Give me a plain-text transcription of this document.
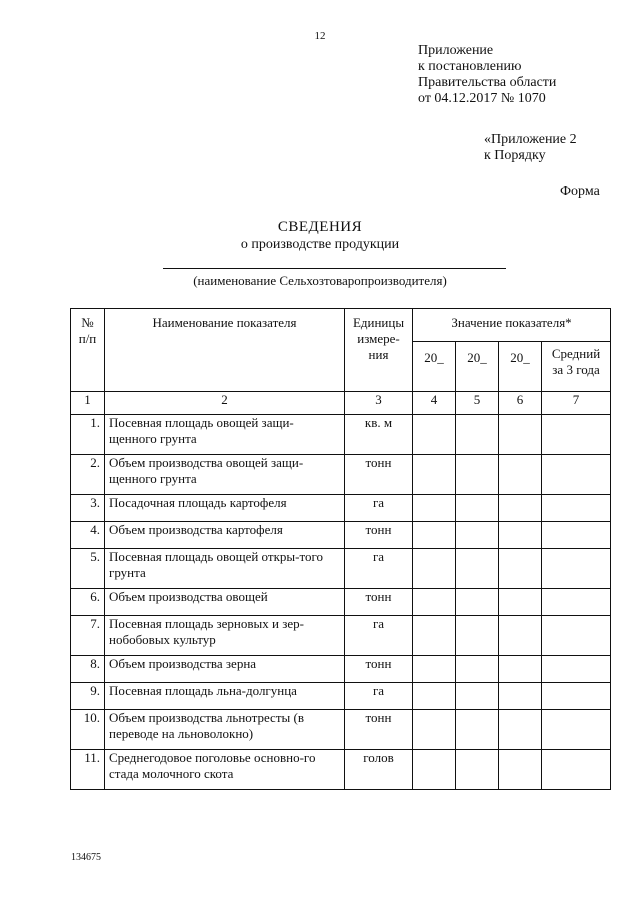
12
Приложение
к постановлению
Правительства области
от 04.12.2017 № 1070
«Приложение 2
к Порядку
Форма
СВЕДЕНИЯ
о производстве продукции
(наименование Сельхозтоваропроизводителя)
№ п/п	Наименование показателя	Единицы измере-ния	Значение показателя*			
			20_	20_	20_	Средний за 3 года
1	2	3	4	5	6	7
1.	Посевная площадь овощей защи-щенного грунта	кв. м				
2.	Объем производства овощей защи-щенного грунта	тонн				
3.	Посадочная площадь картофеля	га				
4.	Объем производства картофеля	тонн				
5.	Посевная площадь овощей откры-того грунта	га				
6.	Объем производства овощей	тонн				
7.	Посевная площадь зерновых и зер-нобобовых культур	га				
8.	Объем производства зерна	тонн				
9.	Посевная площадь льна-долгунца	га				
10.	Объем производства льнотресты (в переводе на льноволокно)	тонн				
11.	Среднегодовое поголовье основно-го стада молочного скота	голов				
134675
